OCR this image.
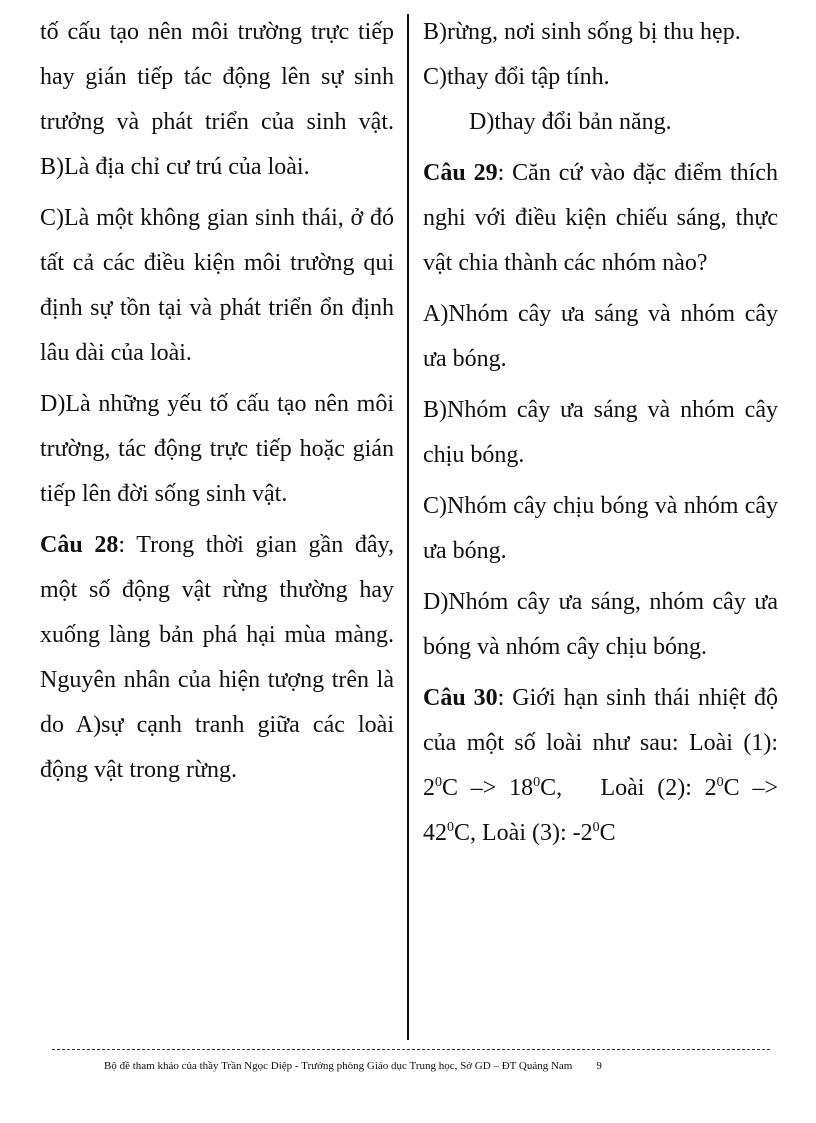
tố cấu tạo nên môi trường trực tiếp hay gián tiếp tác động lên sự sinh trưởng và phát triển của sinh vật. B)Là địa chỉ cư trú của loài.

C)Là một không gian sinh thái, ở đó tất cả các điều kiện môi trường qui định sự tồn tại và phát triển ổn định lâu dài của loài.

D)Là những yếu tố cấu tạo nên môi trường, tác động trực tiếp hoặc gián tiếp lên đời sống sinh vật.

Câu 28: Trong thời gian gần đây, một số động vật rừng thường hay xuống làng bản phá hại mùa màng. Nguyên nhân của hiện tượng trên là do A)sự cạnh tranh giữa các loài động vật trong rừng.

B)rừng, nơi sinh sống bị thu hẹp.

C)thay đổi tập tính.

D)thay đổi bản năng.

Câu 29: Căn cứ vào đặc điểm thích nghi với điều kiện chiếu sáng, thực vật chia thành các nhóm nào?

A)Nhóm cây ưa sáng và nhóm cây ưa bóng.

B)Nhóm cây ưa sáng và nhóm cây chịu bóng.

C)Nhóm cây chịu bóng và nhóm cây ưa bóng.

D)Nhóm cây ưa sáng, nhóm cây ưa bóng và nhóm cây chịu bóng.

Câu 30: Giới hạn sinh thái nhiệt độ của một số loài như sau: Loài (1): $2^0C -> 18^0C$, Loài (2): $2^0C -> 42^0C$, Loài (3): $-2^0C$

Bộ đề tham khảo của thầy Trần Ngọc Diệp - Trưởng phòng Giáo dục Trung học, Sở GD – ĐT Quảng Nam 9
